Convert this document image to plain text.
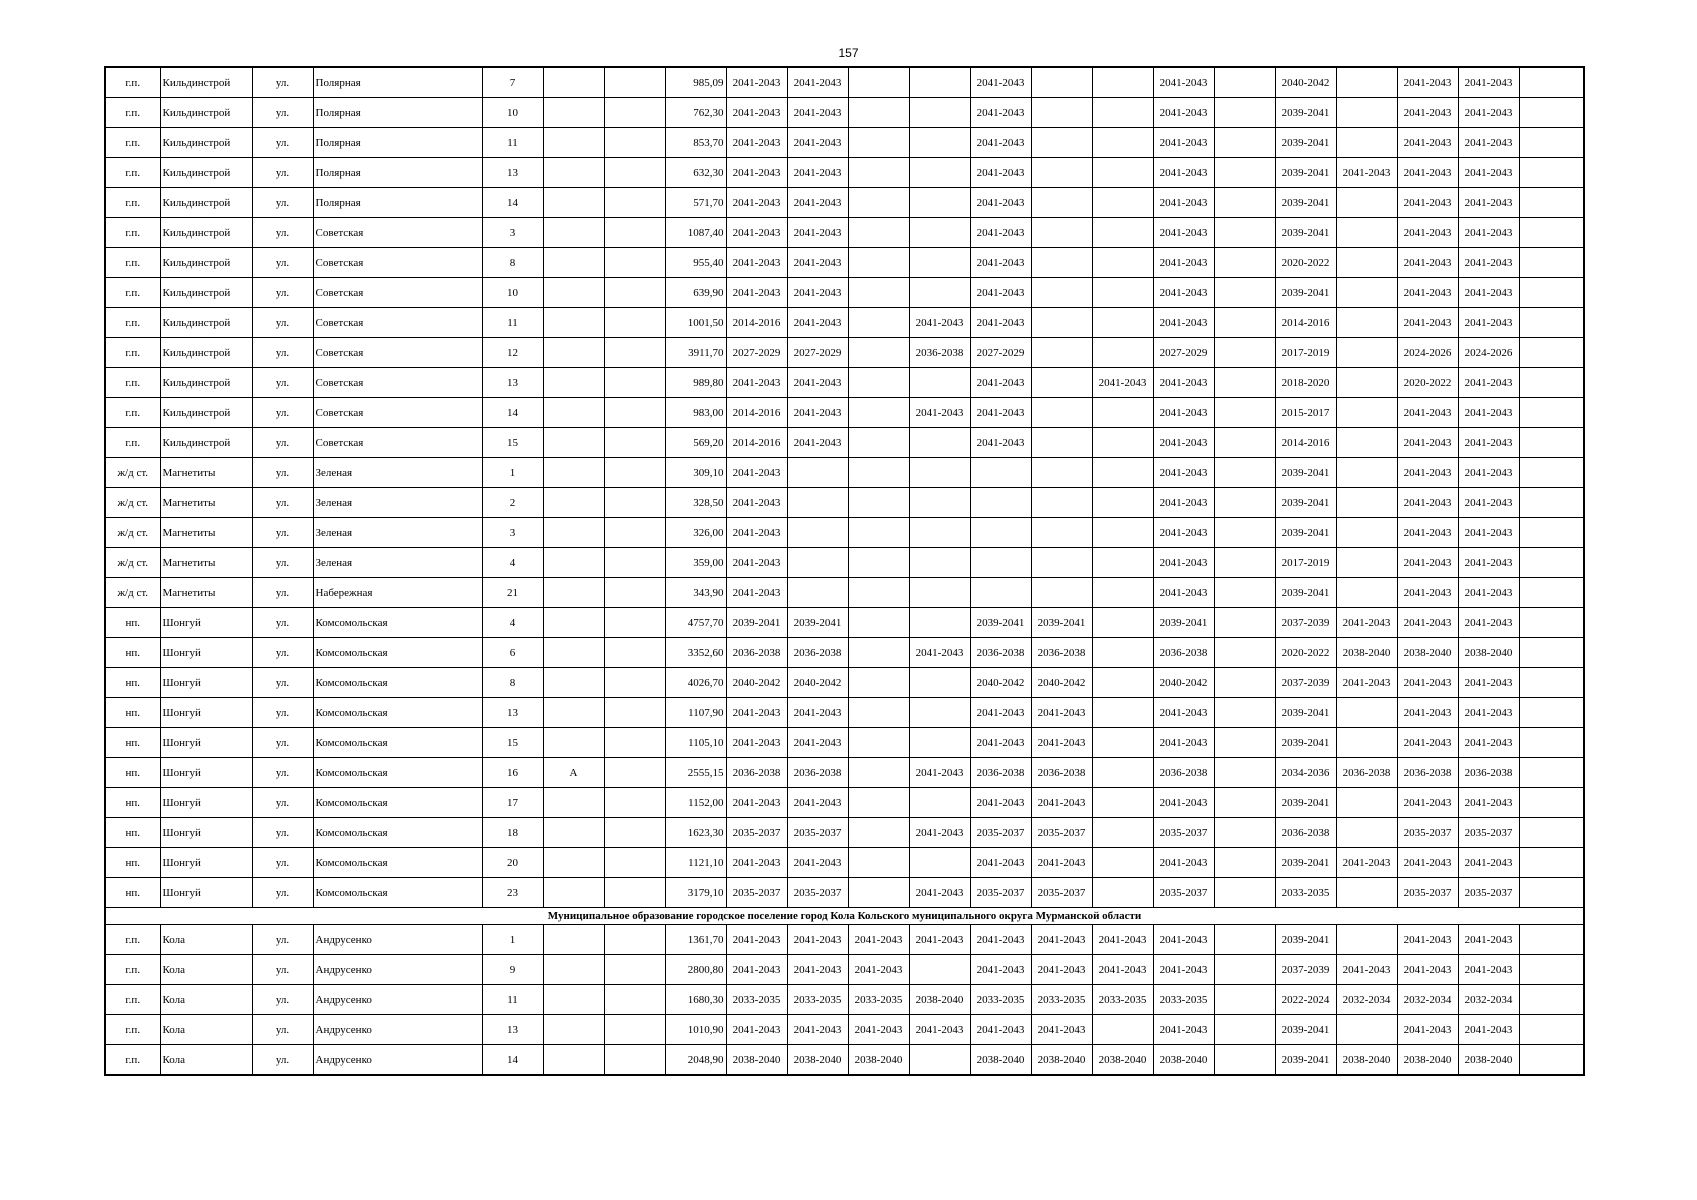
157
г.п.	Кильдинстрой	ул.	Полярная	7			985,09	2041-2043	2041-2043			2041-2043			2041-2043		2040-2042		2041-2043	2041-2043	
г.п.	Кильдинстрой	ул.	Полярная	10			762,30	2041-2043	2041-2043			2041-2043			2041-2043		2039-2041		2041-2043	2041-2043	
г.п.	Кильдинстрой	ул.	Полярная	11			853,70	2041-2043	2041-2043			2041-2043			2041-2043		2039-2041		2041-2043	2041-2043	
г.п.	Кильдинстрой	ул.	Полярная	13			632,30	2041-2043	2041-2043			2041-2043			2041-2043		2039-2041	2041-2043	2041-2043	2041-2043	
г.п.	Кильдинстрой	ул.	Полярная	14			571,70	2041-2043	2041-2043			2041-2043			2041-2043		2039-2041		2041-2043	2041-2043	
г.п.	Кильдинстрой	ул.	Советская	3			1087,40	2041-2043	2041-2043			2041-2043			2041-2043		2039-2041		2041-2043	2041-2043	
г.п.	Кильдинстрой	ул.	Советская	8			955,40	2041-2043	2041-2043			2041-2043			2041-2043		2020-2022		2041-2043	2041-2043	
г.п.	Кильдинстрой	ул.	Советская	10			639,90	2041-2043	2041-2043			2041-2043			2041-2043		2039-2041		2041-2043	2041-2043	
г.п.	Кильдинстрой	ул.	Советская	11			1001,50	2014-2016	2041-2043		2041-2043	2041-2043			2041-2043		2014-2016		2041-2043	2041-2043	
г.п.	Кильдинстрой	ул.	Советская	12			3911,70	2027-2029	2027-2029		2036-2038	2027-2029			2027-2029		2017-2019		2024-2026	2024-2026	
г.п.	Кильдинстрой	ул.	Советская	13			989,80	2041-2043	2041-2043			2041-2043		2041-2043	2041-2043		2018-2020		2020-2022	2041-2043	
г.п.	Кильдинстрой	ул.	Советская	14			983,00	2014-2016	2041-2043		2041-2043	2041-2043			2041-2043		2015-2017		2041-2043	2041-2043	
г.п.	Кильдинстрой	ул.	Советская	15			569,20	2014-2016	2041-2043			2041-2043			2041-2043		2014-2016		2041-2043	2041-2043	
ж/д ст.	Магнетиты	ул.	Зеленая	1			309,10	2041-2043							2041-2043		2039-2041		2041-2043	2041-2043	
ж/д ст.	Магнетиты	ул.	Зеленая	2			328,50	2041-2043							2041-2043		2039-2041		2041-2043	2041-2043	
ж/д ст.	Магнетиты	ул.	Зеленая	3			326,00	2041-2043							2041-2043		2039-2041		2041-2043	2041-2043	
ж/д ст.	Магнетиты	ул.	Зеленая	4			359,00	2041-2043							2041-2043		2017-2019		2041-2043	2041-2043	
ж/д ст.	Магнетиты	ул.	Набережная	21			343,90	2041-2043							2041-2043		2039-2041		2041-2043	2041-2043	
нп.	Шонгуй	ул.	Комсомольская	4			4757,70	2039-2041	2039-2041			2039-2041	2039-2041		2039-2041		2037-2039	2041-2043	2041-2043	2041-2043	
нп.	Шонгуй	ул.	Комсомольская	6			3352,60	2036-2038	2036-2038		2041-2043	2036-2038	2036-2038		2036-2038		2020-2022	2038-2040	2038-2040	2038-2040	
нп.	Шонгуй	ул.	Комсомольская	8			4026,70	2040-2042	2040-2042			2040-2042	2040-2042		2040-2042		2037-2039	2041-2043	2041-2043	2041-2043	
нп.	Шонгуй	ул.	Комсомольская	13			1107,90	2041-2043	2041-2043			2041-2043	2041-2043		2041-2043		2039-2041		2041-2043	2041-2043	
нп.	Шонгуй	ул.	Комсомольская	15			1105,10	2041-2043	2041-2043			2041-2043	2041-2043		2041-2043		2039-2041		2041-2043	2041-2043	
нп.	Шонгуй	ул.	Комсомольская	16	А		2555,15	2036-2038	2036-2038		2041-2043	2036-2038	2036-2038		2036-2038		2034-2036	2036-2038	2036-2038	2036-2038	
нп.	Шонгуй	ул.	Комсомольская	17			1152,00	2041-2043	2041-2043			2041-2043	2041-2043		2041-2043		2039-2041		2041-2043	2041-2043	
нп.	Шонгуй	ул.	Комсомольская	18			1623,30	2035-2037	2035-2037		2041-2043	2035-2037	2035-2037		2035-2037		2036-2038		2035-2037	2035-2037	
нп.	Шонгуй	ул.	Комсомольская	20			1121,10	2041-2043	2041-2043			2041-2043	2041-2043		2041-2043		2039-2041	2041-2043	2041-2043	2041-2043	
нп.	Шонгуй	ул.	Комсомольская	23			3179,10	2035-2037	2035-2037		2041-2043	2035-2037	2035-2037		2035-2037		2033-2035		2035-2037	2035-2037	
Муниципальное образование городское поселение город Кола Кольского муниципального округа Мурманской области																					
г.п.	Кола	ул.	Андрусенко	1			1361,70	2041-2043	2041-2043	2041-2043	2041-2043	2041-2043	2041-2043	2041-2043	2041-2043		2039-2041		2041-2043	2041-2043	
г.п.	Кола	ул.	Андрусенко	9			2800,80	2041-2043	2041-2043	2041-2043		2041-2043	2041-2043	2041-2043	2041-2043		2037-2039	2041-2043	2041-2043	2041-2043	
г.п.	Кола	ул.	Андрусенко	11			1680,30	2033-2035	2033-2035	2033-2035	2038-2040	2033-2035	2033-2035	2033-2035	2033-2035		2022-2024	2032-2034	2032-2034	2032-2034	
г.п.	Кола	ул.	Андрусенко	13			1010,90	2041-2043	2041-2043	2041-2043	2041-2043	2041-2043	2041-2043		2041-2043		2039-2041		2041-2043	2041-2043	
г.п.	Кола	ул.	Андрусенко	14			2048,90	2038-2040	2038-2040	2038-2040		2038-2040	2038-2040	2038-2040	2038-2040		2039-2041	2038-2040	2038-2040	2038-2040	
